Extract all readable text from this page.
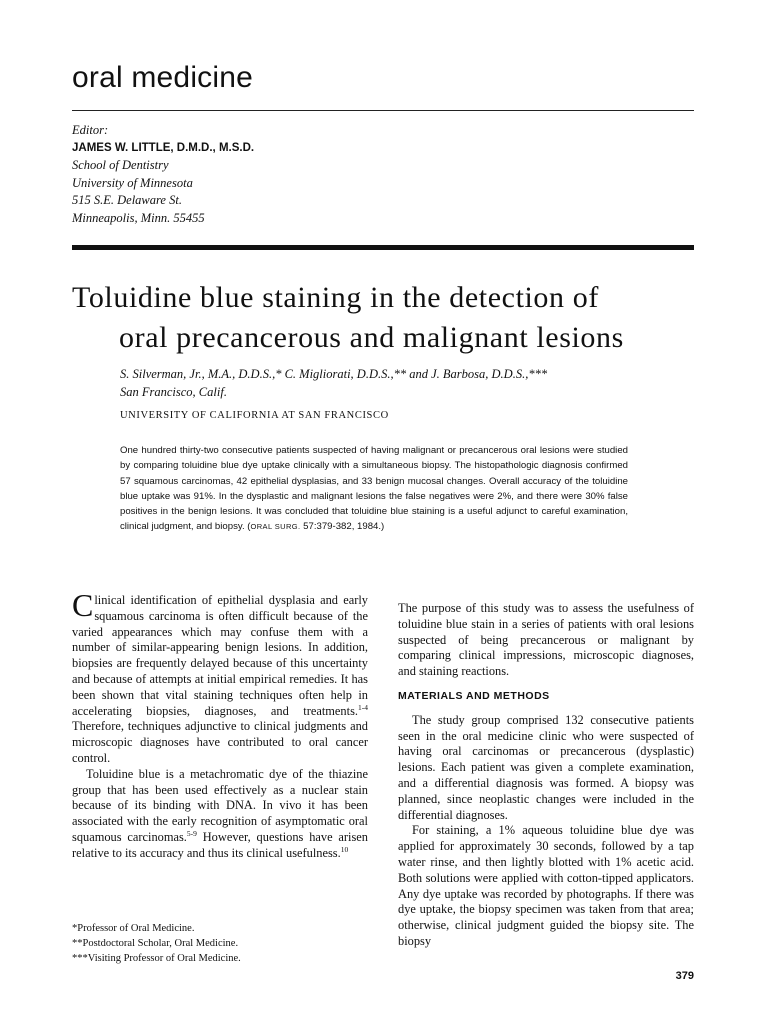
oral medicine
Editor:
JAMES W. LITTLE, D.M.D., M.S.D.
School of Dentistry
University of Minnesota
515 S.E. Delaware St.
Minneapolis, Minn. 55455
Toluidine blue staining in the detection of
oral precancerous and malignant lesions
S. Silverman, Jr., M.A., D.D.S.,* C. Migliorati, D.D.S.,** and J. Barbosa, D.D.S.,***
San Francisco, Calif.
UNIVERSITY OF CALIFORNIA AT SAN FRANCISCO

One hundred thirty-two consecutive patients suspected of having malignant or precancerous oral lesions were studied by comparing toluidine blue dye uptake clinically with a simultaneous biopsy. The histopathologic diagnosis confirmed 57 squamous carcinomas, 42 epithelial dysplasias, and 33 benign mucosal changes. Overall accuracy of the toluidine blue uptake was 91%. In the dysplastic and malignant lesions the false negatives were 2%, and there were 30% false positives in the benign lesions. It was concluded that toluidine blue staining is a useful adjunct to careful examination, clinical judgment, and biopsy. (ORAL SURG. 57:379-382, 1984.)

Clinical identification of epithelial dysplasia and early squamous carcinoma is often difficult because of the varied appearances which may confuse them with a number of similar-appearing benign lesions. In addition, biopsies are frequently delayed because of this uncertainty and because of attempts at initial empirical remedies. It has been shown that vital staining techniques often help in accelerating biopsies, diagnoses, and treatments.$^{1-4}$ Therefore, techniques adjunctive to clinical judgments and microscopic diagnoses have contributed to oral cancer control.

Toluidine blue is a metachromatic dye of the thiazine group that has been used effectively as a nuclear stain because of its binding with DNA. In vivo it has been associated with the early recognition of asymptomatic oral squamous carcinomas.$^{5-9}$ However, questions have arisen relative to its accuracy and thus its clinical usefulness.$^{10}$

*Professor of Oral Medicine.
**Postdoctoral Scholar, Oral Medicine.
***Visiting Professor of Oral Medicine.

The purpose of this study was to assess the usefulness of toluidine blue stain in a series of patients with oral lesions suspected of being precancerous or malignant by comparing clinical impressions, microscopic diagnoses, and staining reactions.

MATERIALS AND METHODS

The study group comprised 132 consecutive patients seen in the oral medicine clinic who were suspected of having oral carcinomas or precancerous (dysplastic) lesions. Each patient was given a complete examination, and a differential diagnosis was formed. A biopsy was planned, since neoplastic changes were included in the differential diagnoses.

For staining, a 1% aqueous toluidine blue dye was applied for approximately 30 seconds, followed by a tap water rinse, and then lightly blotted with 1% acetic acid. Both solutions were applied with cotton-tipped applicators. Any dye uptake was recorded by photographs. If there was dye uptake, the biopsy specimen was taken from that area; otherwise, clinical judgment guided the biopsy site. The biopsy

379
